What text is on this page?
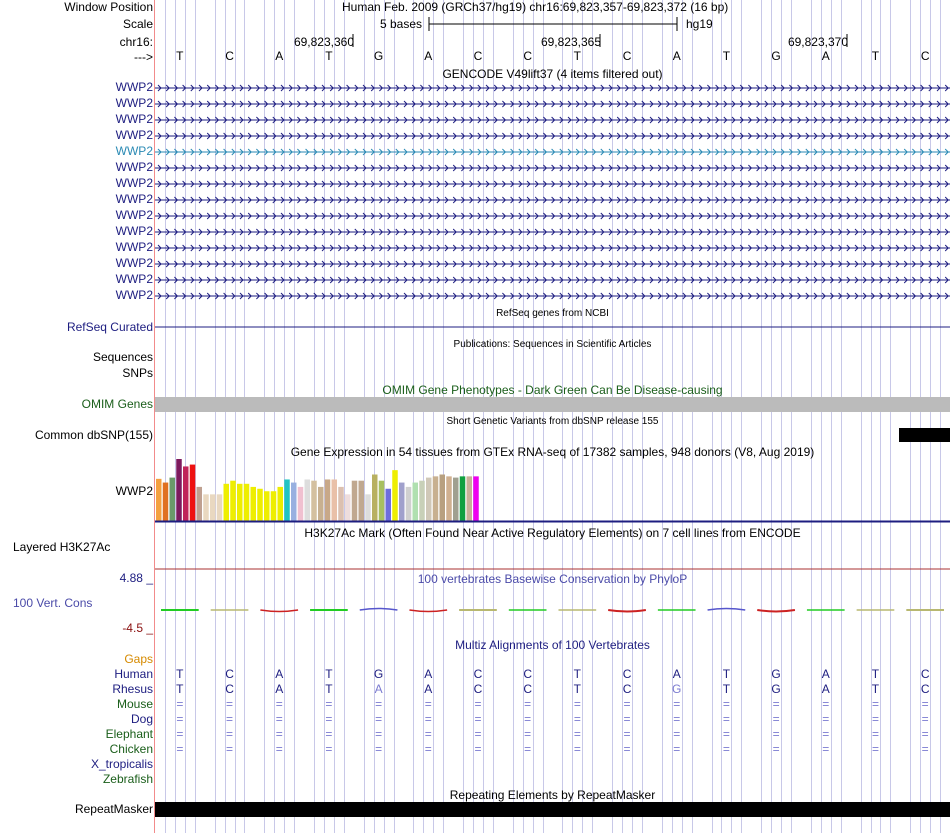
Window Position	Human Feb. 2009 (GRCh37/hg19) chr16:69,823,357-69,823,372 (16 bp)
Scale	5 bases	hg19
chr16:	69,823,360	69,823,365	69,823,370
--->	T	C	A	T	G	A	C	C	T	C	A	T	G	A	T	C
GENCODE V49lift37 (4 items filtered out)
WWP2
WWP2
WWP2
WWP2
WWP2
WWP2
WWP2
WWP2
WWP2
WWP2
WWP2
WWP2
WWP2
WWP2
RefSeq genes from NCBI
RefSeq Curated
Publications: Sequences in Scientific Articles
Sequences
SNPs
OMIM Gene Phenotypes - Dark Green Can Be Disease-causing
OMIM Genes
Short Genetic Variants from dbSNP release 155
Common dbSNP(155)
Gene Expression in 54 tissues from GTEx RNA-seq of 17382 samples, 948 donors (V8, Aug 2019)
WWP2
H3K27Ac Mark (Often Found Near Active Regulatory Elements) on 7 cell lines from ENCODE
Layered H3K27Ac
100 vertebrates Basewise Conservation by PhyloP
4.88 _
100 Vert. Cons
-4.5 _
Multiz Alignments of 100 Vertebrates
Gaps
Human	T	C	A	T	G	A	C	C	T	C	A	T	G	A	T	C
Rhesus	T	C	A	T	A	A	C	C	T	C	G	T	G	A	T	C
Mouse	=	=	=	=	=	=	=	=	=	=	=	=	=	=	=	=
Dog	=	=	=	=	=	=	=	=	=	=	=	=	=	=	=	=
Elephant	=	=	=	=	=	=	=	=	=	=	=	=	=	=	=	=
Chicken	=	=	=	=	=	=	=	=	=	=	=	=	=	=	=	=
X_tropicalis
Zebrafish
Repeating Elements by RepeatMasker
RepeatMasker
